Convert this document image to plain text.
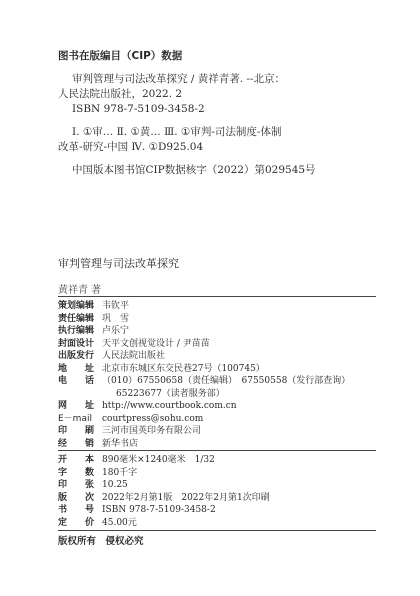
图书在版编目（CIP）数据

审判管理与司法改革探究 / 黄祥青著. --北京：

人民法院出版社，2022. 2

ISBN 978-7-5109-3458-2

Ⅰ. ①审… Ⅱ. ①黄… Ⅲ. ①审判-司法制度-体制

改革-研究-中国 Ⅳ. ①D925.04

中国版本图书馆CIP数据核字（2022）第029545号

审判管理与司法改革探究
黄祥青 著
策划编辑 韦钦平
责任编辑 巩　雪
执行编辑 卢乐宁
封面设计 天平文创视觉设计 / 尹苗苗
出版发行 人民法院出版社
地　　址 北京市东城区东交民巷27号（100745）
电　　话 （010）67550658（责任编辑）　67550558（发行部查询）
65223677（读者服务部）
网　　址 http://www.courtbook.com.cn
E－mail	courtpress@sohu.com
印　　刷 三河市国英印务有限公司
经　　销 新华书店
开　　本 890毫米×1240毫米　1/32
字　　数 180千字
印　　张 10.25
版　　次 2022年2月第1版　2022年2月第1次印刷
书　　号 ISBN 978-7-5109-3458-2
定　　价 45.00元
版权所有　侵权必究
